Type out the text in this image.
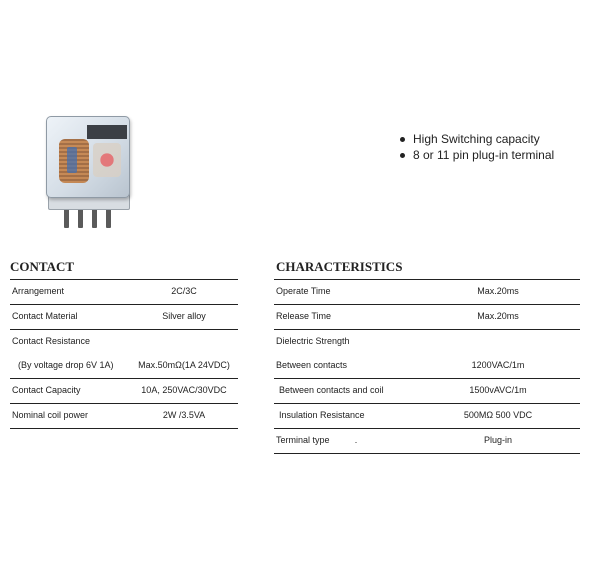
High Switching capacity
8 or 11 pin plug-in terminal
CONTACT
Arrangement	2C/3C
Contact Material	Silver alloy
Contact Resistance
(By voltage drop 6V 1A)	Max.50mΩ(1A 24VDC)
Contact Capacity	10A, 250VAC/30VDC
Nominal coil power	2W /3.5VA
CHARACTERISTICS
Operate Time	Max.20ms
Release Time	Max.20ms
Dielectric Strength
Between contacts	1200VAC/1m
Between contacts and coil	1500vAVC/1m
Insulation Resistance	500MΩ 500 VDC
Terminal type	.	Plug-in
